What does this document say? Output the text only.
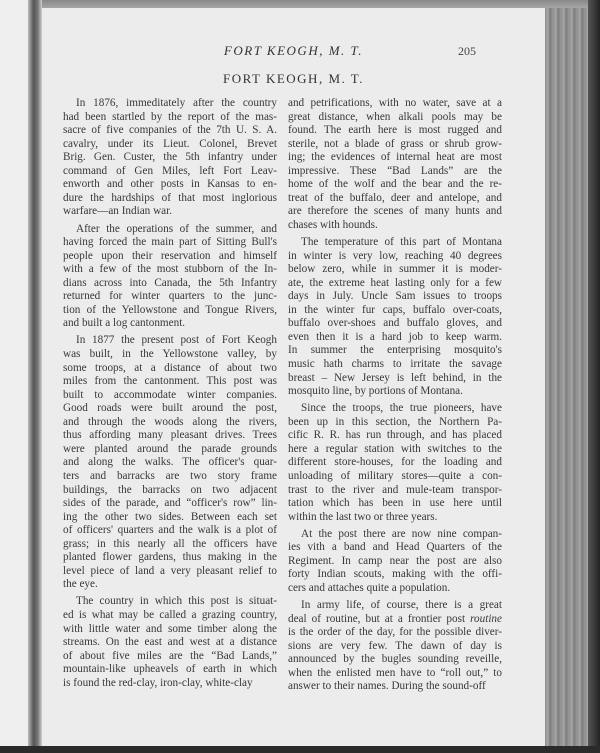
FORT KEOGH, M. T.	205
FORT KEOGH, M. T.
In 1876, immeditately after the country
had been startled by the report of the mas-
sacre of five companies of the 7th U. S. A.
cavalry, under its Lieut. Colonel, Brevet
Brig. Gen. Custer, the 5th infantry under
command of Gen Miles, left Fort Leav-
enworth and other posts in Kansas to en-
dure the hardships of that most inglorious
warfare—an Indian war.
After the operations of the summer, and
having forced the main part of Sitting Bull's
people upon their reservation and himself
with a few of the most stubborn of the In-
dians across into Canada, the 5th Infantry
returned for winter quarters to the junc-
tion of the Yellowstone and Tongue Rivers,
and built a log cantonment.
In 1877 the present post of Fort Keogh
was built, in the Yellowstone valley, by
some troops, at a distance of about two
miles from the cantonment. This post was
built to accommodate winter companies.
Good roads were built around the post,
and through the woods along the rivers,
thus affording many pleasant drives. Trees
were planted around the parade grounds
and along the walks. The officer's quar-
ters and barracks are two story frame
buildings, the barracks on two adjacent
sides of the parade, and “officer's row” lin-
ing the other two sides. Between each set
of officers' quarters and the walk is a plot of
grass; in this nearly all the officers have
planted flower gardens, thus making in the
level piece of land a very pleasant relief to
the eye.
The country in which this post is situat-
ed is what may be called a grazing country,
with little water and some timber along the
streams. On the east and west at a distance
of about five miles are the “Bad Lands,”
mountain-like upheavels of earth in which
is found the red-clay, iron-clay, white-clay
and petrifications, with no water, save at a
great distance, when alkali pools may be
found. The earth here is most rugged and
sterile, not a blade of grass or shrub grow-
ing; the evidences of internal heat are most
impressive. These “Bad Lands” are the
home of the wolf and the bear and the re-
treat of the buffalo, deer and antelope, and
are therefore the scenes of many hunts and
chases with hounds.
The temperature of this part of Montana
in winter is very low, reaching 40 degrees
below zero, while in summer it is moder-
ate, the extreme heat lasting only for a few
days in July. Uncle Sam issues to troops
in the winter fur caps, buffalo over-coats,
buffalo over-shoes and buffalo gloves, and
even then it is a hard job to keep warm.
In summer the enterprising mosquito's
music hath charms to irritate the savage
breast – New Jersey is left behind, in the
mosquito line, by portions of Montana.
Since the troops, the true pioneers, have
been up in this section, the Northern Pa-
cific R. R. has run through, and has placed
here a regular station with switches to the
different store-houses, for the loading and
unloading of military stores—quite a con-
trast to the river and mule-team transpor-
tation which has been in use here until
within the last two or three years.
At the post there are now nine compan-
ies vith a band and Head Quarters of the
Regiment. In camp near the post are also
forty Indian scouts, making with the offi-
cers and attaches quite a population.
In army life, of course, there is a great
deal of routine, but at a frontier post routine
is the order of the day, for the possible diver-
sions are very few. The dawn of day is
announced by the bugles sounding reveille,
when the enlisted men have to “roll out,” to
answer to their names. During the sound-off
